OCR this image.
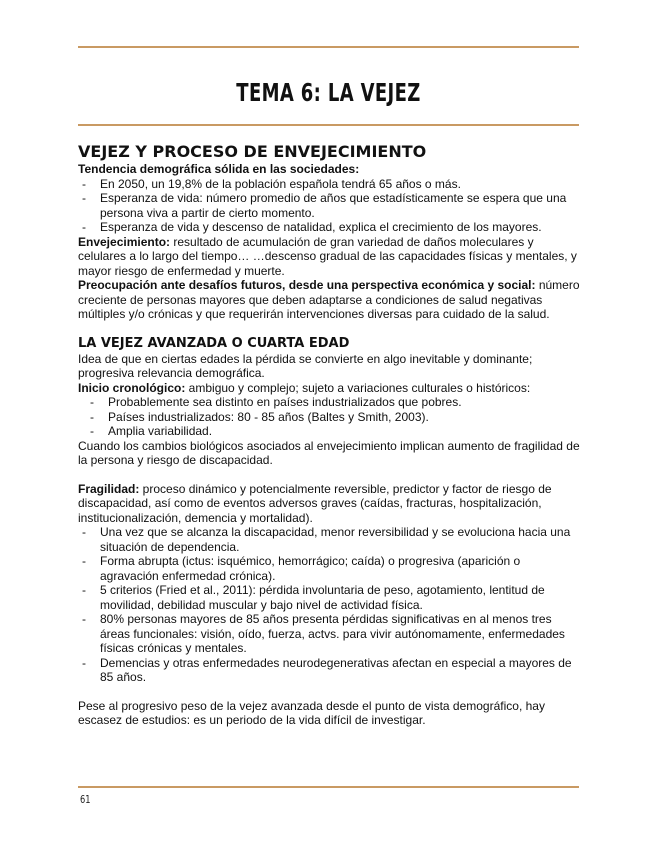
TEMA 6: LA VEJEZ
VEJEZ Y PROCESO DE ENVEJECIMIENTO

Tendencia demográfica sólida en las sociedades:

- En 2050, un 19,8% de la población española tendrá 65 años o más.
- Esperanza de vida: número promedio de años que estadísticamente se espera que una persona viva a partir de cierto momento.
- Esperanza de vida y descenso de natalidad, explica el crecimiento de los mayores.

Envejecimiento: resultado de acumulación de gran variedad de daños moleculares y celulares a lo largo del tiempo… …descenso gradual de las capacidades físicas y mentales, y mayor riesgo de enfermedad y muerte.

Preocupación ante desafíos futuros, desde una perspectiva económica y social: número creciente de personas mayores que deben adaptarse a condiciones de salud negativas múltiples y/o crónicas y que requerirán intervenciones diversas para cuidado de la salud.

LA VEJEZ AVANZADA O CUARTA EDAD

Idea de que en ciertas edades la pérdida se convierte en algo inevitable y dominante; progresiva relevancia demográfica.

Inicio cronológico: ambiguo y complejo; sujeto a variaciones culturales o históricos:

- Probablemente sea distinto en países industrializados que pobres.
- Países industrializados: 80 - 85 años (Baltes y Smith, 2003).
- Amplia variabilidad.

Cuando los cambios biológicos asociados al envejecimiento implican aumento de fragilidad de la persona y riesgo de discapacidad.

Fragilidad: proceso dinámico y potencialmente reversible, predictor y factor de riesgo de discapacidad, así como de eventos adversos graves (caídas, fracturas, hospitalización, institucionalización, demencia y mortalidad).

- Una vez que se alcanza la discapacidad, menor reversibilidad y se evoluciona hacia una situación de dependencia.
- Forma abrupta (ictus: isquémico, hemorrágico; caída) o progresiva (aparición o agravación enfermedad crónica).
- 5 criterios (Fried et al., 2011): pérdida involuntaria de peso, agotamiento, lentitud de movilidad, debilidad muscular y bajo nivel de actividad física.
- 80% personas mayores de 85 años presenta pérdidas significativas en al menos tres áreas funcionales: visión, oído, fuerza, actvs. para vivir autónomamente, enfermedades físicas crónicas y mentales.
- Demencias y otras enfermedades neurodegenerativas afectan en especial a mayores de 85 años.

Pese al progresivo peso de la vejez avanzada desde el punto de vista demográfico, hay escasez de estudios: es un periodo de la vida difícil de investigar.

61
